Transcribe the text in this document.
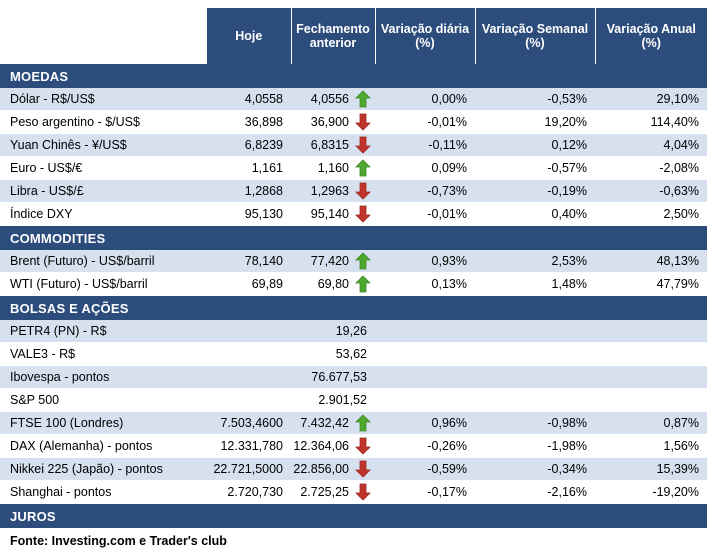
	Hoje	Fechamento anterior	Variação diária (%)	Variação Semanal (%)	Variação Anual (%)
MOEDAS					
Dólar - R$/US$	4,0558	4,0556	0,00%	-0,53%	29,10%
Peso argentino - $/US$	36,898	36,900	-0,01%	19,20%	114,40%
Yuan Chinês - ¥/US$	6,8239	6,8315	-0,11%	0,12%	4,04%
Euro - US$/€	1,161	1,160	0,09%	-0,57%	-2,08%
Libra - US$/£	1,2868	1,2963	-0,73%	-0,19%	-0,63%
Índice DXY	95,130	95,140	-0,01%	0,40%	2,50%
COMMODITIES					
Brent (Futuro) - US$/barril	78,140	77,420	0,93%	2,53%	48,13%
WTI (Futuro) - US$/barril	69,89	69,80	0,13%	1,48%	47,79%
BOLSAS E AÇÕES					
PETR4 (PN) - R$		19,26			
VALE3 - R$		53,62			
Ibovespa - pontos		76.677,53			
S&P 500		2.901,52			
FTSE 100 (Londres)	7.503,4600	7.432,42	0,96%	-0,98%	0,87%
DAX (Alemanha) - pontos	12.331,780	12.364,06	-0,26%	-1,98%	1,56%
Nikkei 225 (Japão) - pontos	22.721,5000	22.856,00	-0,59%	-0,34%	15,39%
Shanghai - pontos	2.720,730	2.725,25	-0,17%	-2,16%	-19,20%
JUROS					
Fonte: Investing.com e Trader's club
